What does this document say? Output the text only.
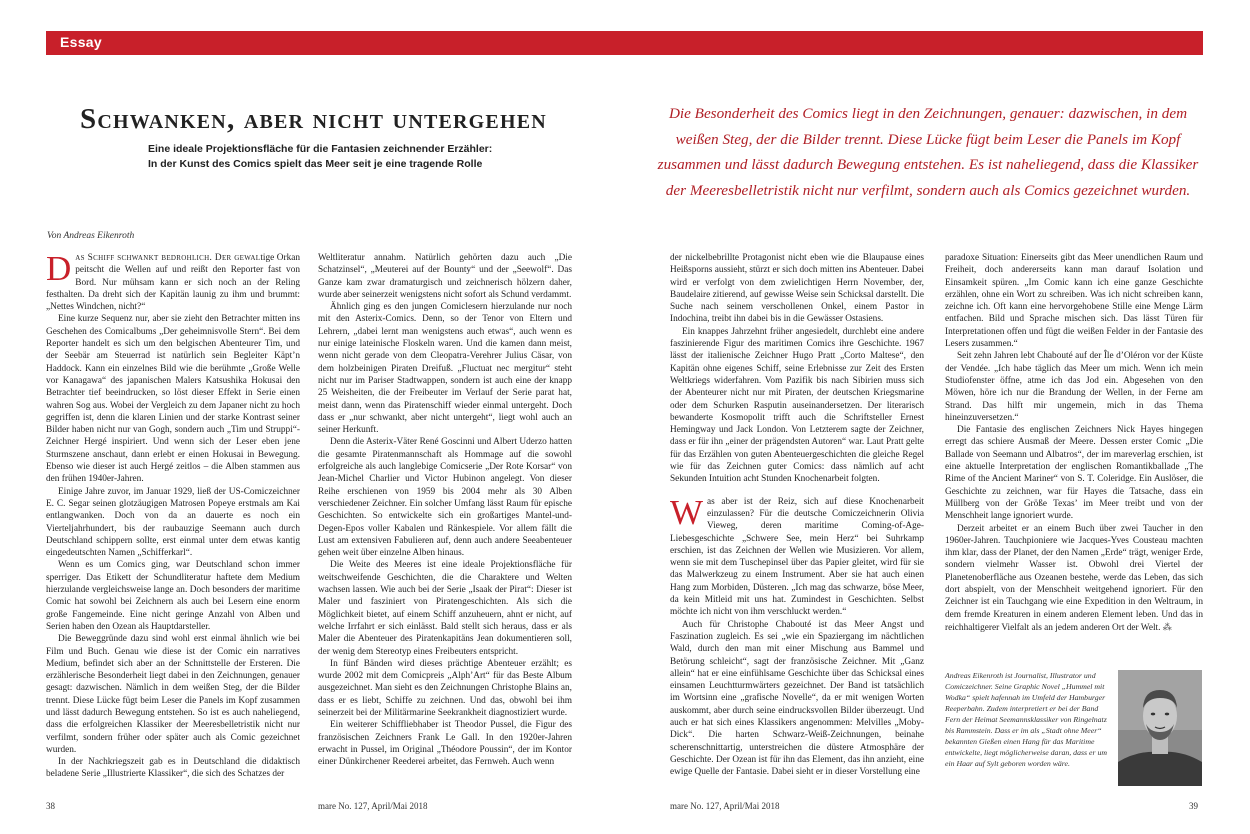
Essay
Schwanken, aber nicht untergehen
Eine ideale Projektionsfläche für die Fantasien zeichnender Erzähler:
In der Kunst des Comics spielt das Meer seit je eine tragende Rolle
Die Besonderheit des Comics liegt in den Zeichnungen, genauer: dazwischen, in dem
weißen Steg, der die Bilder trennt. Diese Lücke fügt beim Leser die Panels im Kopf
zusammen und lässt dadurch Bewegung entstehen. Es ist naheliegend, dass die Klassiker
der Meeresbelletristik nicht nur verfilmt, sondern auch als Comics gezeichnet wurden.
Von Andreas Eikenroth

Das Schiff schwankt bedrohlich. Der gewaltige Orkan peitscht die Wellen auf und reißt den Reporter fast von Bord. Nur mühsam kann er sich noch an der Reling festhalten. Da dreht sich der Kapitän launig zu ihm und brummt: „Nettes Windchen, nicht?“

Eine kurze Sequenz nur, aber sie zieht den Betrachter mitten ins Geschehen des Comicalbums „Der geheimnisvolle Stern“. Bei dem Reporter handelt es sich um den belgischen Abenteurer Tim, und der Seebär am Steuerrad ist natürlich sein Begleiter Käpt’n Haddock. Kann ein einzelnes Bild wie die berühmte „Große Welle vor Kanagawa“ des japanischen Malers Katsushika Hokusai den Betrachter tief beeindrucken, so löst dieser Effekt in Serie einen wahren Sog aus. Wobei der Vergleich zu dem Japaner nicht zu hoch gegriffen ist, denn die klaren Linien und der starke Kontrast seiner Bilder haben nicht nur van Gogh, sondern auch „Tim und Struppi“-Zeichner Hergé inspiriert. Und wenn sich der Leser eben jene Sturmszene anschaut, dann erlebt er einen Hokusai in Bewegung. Ebenso wie dieser ist auch Hergé zeitlos – die Alben stammen aus den frühen 1940er-Jahren.

Einige Jahre zuvor, im Januar 1929, ließ der US-Comiczeichner E. C. Segar seinen glotzäugigen Matrosen Popeye erstmals am Kai entlangwanken. Doch von da an dauerte es noch ein Vierteljahrhundert, bis der raubauzige Seemann auch durch Deutschland schippern sollte, erst einmal unter dem etwas kantig eingedeutschten Namen „Schifferkarl“.

Wenn es um Comics ging, war Deutschland schon immer sperriger. Das Etikett der Schundliteratur haftete dem Medium hierzulande vergleichsweise lange an. Doch besonders der maritime Comic hat sowohl bei Zeichnern als auch bei Lesern eine enorm große Fangemeinde. Eine nicht geringe Anzahl von Alben und Serien haben den Ozean als Hauptdarsteller.

Die Beweggründe dazu sind wohl erst einmal ähnlich wie bei Film und Buch. Genau wie diese ist der Comic ein narratives Medium, befindet sich aber an der Schnittstelle der Ersteren. Die erzählerische Besonderheit liegt dabei in den Zeichnungen, genauer gesagt: dazwischen. Nämlich in dem weißen Steg, der die Bilder trennt. Diese Lücke fügt beim Leser die Panels im Kopf zusammen und lässt dadurch Bewegung entstehen. So ist es auch naheliegend, dass die erfolgreichen Klassiker der Meeresbelletristik nicht nur verfilmt, sondern früher oder später auch als Comic gezeichnet wurden.

In der Nachkriegszeit gab es in Deutschland die didaktisch beladene Serie „Illustrierte Klassiker“, die sich des Schatzes der

Weltliteratur annahm. Natürlich gehörten dazu auch „Die Schatzinsel“, „Meuterei auf der Bounty“ und der „Seewolf“. Das Ganze kam zwar dramaturgisch und zeichnerisch hölzern daher, wurde aber seinerzeit wenigstens nicht sofort als Schund verdammt.

Ähnlich ging es den jungen Comiclesern hierzulande nur noch mit den Asterix-Comics. Denn, so der Tenor von Eltern und Lehrern, „dabei lernt man wenigstens auch etwas“, auch wenn es nur einige lateinische Floskeln waren. Und die kamen dann meist, wenn nicht gerade von dem Cleopatra-Verehrer Julius Cäsar, von dem holzbeinigen Piraten Dreifuß. „Fluctuat nec mergitur“ steht nicht nur im Pariser Stadtwappen, sondern ist auch eine der knapp 25 Weisheiten, die der Freibeuter im Verlauf der Serie parat hat, meist dann, wenn das Piratenschiff wieder einmal untergeht. Doch dass er „nur schwankt, aber nicht untergeht“, liegt wohl auch an seiner Herkunft.

Denn die Asterix-Väter René Goscinni und Albert Uderzo hatten die gesamte Piratenmannschaft als Hommage auf die sowohl erfolgreiche als auch langlebige Comicserie „Der Rote Korsar“ von Jean-Michel Charlier und Victor Hubinon angelegt. Von dieser Reihe erschienen von 1959 bis 2004 mehr als 30 Alben verschiedener Zeichner. Ein solcher Umfang lässt Raum für epische Geschichten. So entwickelte sich ein großartiges Mantel-und-Degen-Epos voller Kabalen und Ränkespiele. Vor allem fällt die Lust am extensiven Fabulieren auf, denn auch andere Seeabenteuer gehen weit über einzelne Alben hinaus.

Die Weite des Meeres ist eine ideale Projektionsfläche für weitschweifende Geschichten, die die Charaktere und Welten wachsen lassen. Wie auch bei der Serie „Isaak der Pirat“: Dieser ist Maler und fasziniert von Piratengeschichten. Als sich die Möglichkeit bietet, auf einem Schiff anzuheuern, ahnt er nicht, auf welche Irrfahrt er sich einlässt. Bald stellt sich heraus, dass er als Maler die Abenteuer des Piratenkapitäns Jean dokumentieren soll, der wenig dem Stereotyp eines Freibeuters entspricht.

In fünf Bänden wird dieses prächtige Abenteuer erzählt; es wurde 2002 mit dem Comicpreis „Alph’Art“ für das Beste Album ausgezeichnet. Man sieht es den Zeichnungen Christophe Blains an, dass er es liebt, Schiffe zu zeichnen. Und das, obwohl bei ihm seinerzeit bei der Militärmarine Seekrankheit diagnostiziert wurde.

Ein weiterer Schiffliebhaber ist Theodor Pussel, die Figur des französischen Zeichners Frank Le Gall. In den 1920er-Jahren erwacht in Pussel, im Original „Théodore Poussin“, der im Kontor einer Dünkirchener Reederei arbeitet, das Fernweh. Auch wenn

der nickelbebrillte Protagonist nicht eben wie die Blaupause eines Heißsporns aussieht, stürzt er sich doch mitten ins Abenteuer. Dabei wird er verfolgt von dem zwielichtigen Herrn November, der, Baudelaire zitierend, auf gewisse Weise sein Schicksal darstellt. Die Suche nach seinem verschollenen Onkel, einem Pastor in Indochina, treibt ihn dabei bis in die Gewässer Ostasiens.

Ein knappes Jahrzehnt früher angesiedelt, durchlebt eine andere faszinierende Figur des maritimen Comics ihre Geschichte. 1967 lässt der italienische Zeichner Hugo Pratt „Corto Maltese“, den Kapitän ohne eigenes Schiff, seine Erlebnisse zur Zeit des Ersten Weltkriegs widerfahren. Vom Pazifik bis nach Sibirien muss sich der Abenteurer nicht nur mit Piraten, der deutschen Kriegsmarine oder dem Schurken Rasputin auseinandersetzen. Der literarisch bewanderte Kosmopolit trifft auch die Schriftsteller Ernest Hemingway und Jack London. Von Letzterem sagte der Zeichner, dass er für ihn „einer der prägendsten Autoren“ war. Laut Pratt gelte für das Erzählen von guten Abenteuergeschichten die gleiche Regel wie für das Zeichnen guter Comics: dass nämlich auf acht Sekunden Intuition acht Stunden Knochenarbeit folgten.

Was aber ist der Reiz, sich auf diese Knochenarbeit einzulassen? Für die deutsche Comiczeichnerin Olivia Vieweg, deren maritime Coming-of-Age-Liebesgeschichte „Schwere See, mein Herz“ bei Suhrkamp erschien, ist das Zeichnen der Wellen wie Musizieren. Vor allem, wenn sie mit dem Tuschepinsel über das Papier gleitet, wird für sie das Malwerkzeug zu einem Instrument. Aber sie hat auch einen Hang zum Morbiden, Düsteren. „Ich mag das schwarze, böse Meer, da kein Mitleid mit uns hat. Zumindest in Geschichten. Selbst möchte ich nicht von ihm verschluckt werden.“

Auch für Christophe Chabouté ist das Meer Angst und Faszination zugleich. Es sei „wie ein Spaziergang im nächtlichen Wald, durch den man mit einer Mischung aus Bammel und Betörung schleicht“, sagt der französische Zeichner. Mit „Ganz allein“ hat er eine einfühlsame Geschichte über das Schicksal eines einsamen Leuchtturmwärters gezeichnet. Der Band ist tatsächlich im Wortsinn eine „grafische Novelle“, da er mit wenigen Worten auskommt, aber durch seine eindrucksvollen Bilder überzeugt. Und auch er hat sich eines Klassikers angenommen: Melvilles „Moby-Dick“. Die harten Schwarz-Weiß-Zeichnungen, beinahe scherenschnittartig, unterstreichen die düstere Atmosphäre der Geschichte. Der Ozean ist für ihn das Element, das ihn anzieht, eine ewige Quelle der Fantasie. Dabei sieht er in dieser Vorstellung eine

paradoxe Situation: Einerseits gibt das Meer unendlichen Raum und Freiheit, doch andererseits kann man darauf Isolation und Einsamkeit spüren. „Im Comic kann ich eine ganze Geschichte erzählen, ohne ein Wort zu schreiben. Was ich nicht schreiben kann, zeichne ich. Oft kann eine hervorgehobene Stille eine Menge Lärm entfachen. Bild und Sprache mischen sich. Das lässt Türen für Interpretationen offen und fügt die weißen Felder in der Fantasie des Lesers zusammen.“

Seit zehn Jahren lebt Chabouté auf der Île d’Oléron vor der Küste der Vendée. „Ich habe täglich das Meer um mich. Wenn ich mein Studiofenster öffne, atme ich das Jod ein. Abgesehen von den Möwen, höre ich nur die Brandung der Wellen, in der Ferne am Strand. Das hilft mir ungemein, mich in das Thema hineinzuversetzen.“

Die Fantasie des englischen Zeichners Nick Hayes hingegen erregt das schiere Ausmaß der Meere. Dessen erster Comic „Die Ballade von Seemann und Albatros“, der im mareverlag erschien, ist eine aktuelle Interpretation der englischen Romantikballade „The Rime of the Ancient Mariner“ von S. T. Coleridge. Ein Auslöser, die Geschichte zu zeichnen, war für Hayes die Tatsache, dass ein Müllberg von der Größe Texas’ im Meer treibt und von der Menschheit lange ignoriert wurde.

Derzeit arbeitet er an einem Buch über zwei Taucher in den 1960er-Jahren. Tauchpioniere wie Jacques-Yves Cousteau machten ihm klar, dass der Planet, der den Namen „Erde“ trägt, weniger Erde, sondern vielmehr Wasser ist. Obwohl drei Viertel der Planetenoberfläche aus Ozeanen bestehe, werde das Leben, das sich dort abspielt, von der Menschheit weitgehend ignoriert. Für den Zeichner ist ein Tauchgang wie eine Expedition in den Weltraum, in dem fremde Kreaturen in einem anderen Element leben. Und das in reichhaltigerer Vielfalt als an jedem anderen Ort der Welt. ⁂

Andreas Eikenroth ist Journalist, Illustrator und Comiczeichner. Seine Graphic Novel „Hummel mit Wodka“ spielt hafennah im Umfeld der Hamburger Reeperbahn. Zudem interpretiert er bei der Band Fern der Heimat Seemannsklassiker von Ringelnatz bis Rammstein. Dass er im als „Stadt ohne Meer“ bekannten Gießen einen Hang für das Maritime entwickelte, liegt möglicherweise daran, dass er um ein Haar auf Sylt geboren worden wäre.
38	mare No. 127, April/Mai 2018	mare No. 127, April/Mai 2018	39
